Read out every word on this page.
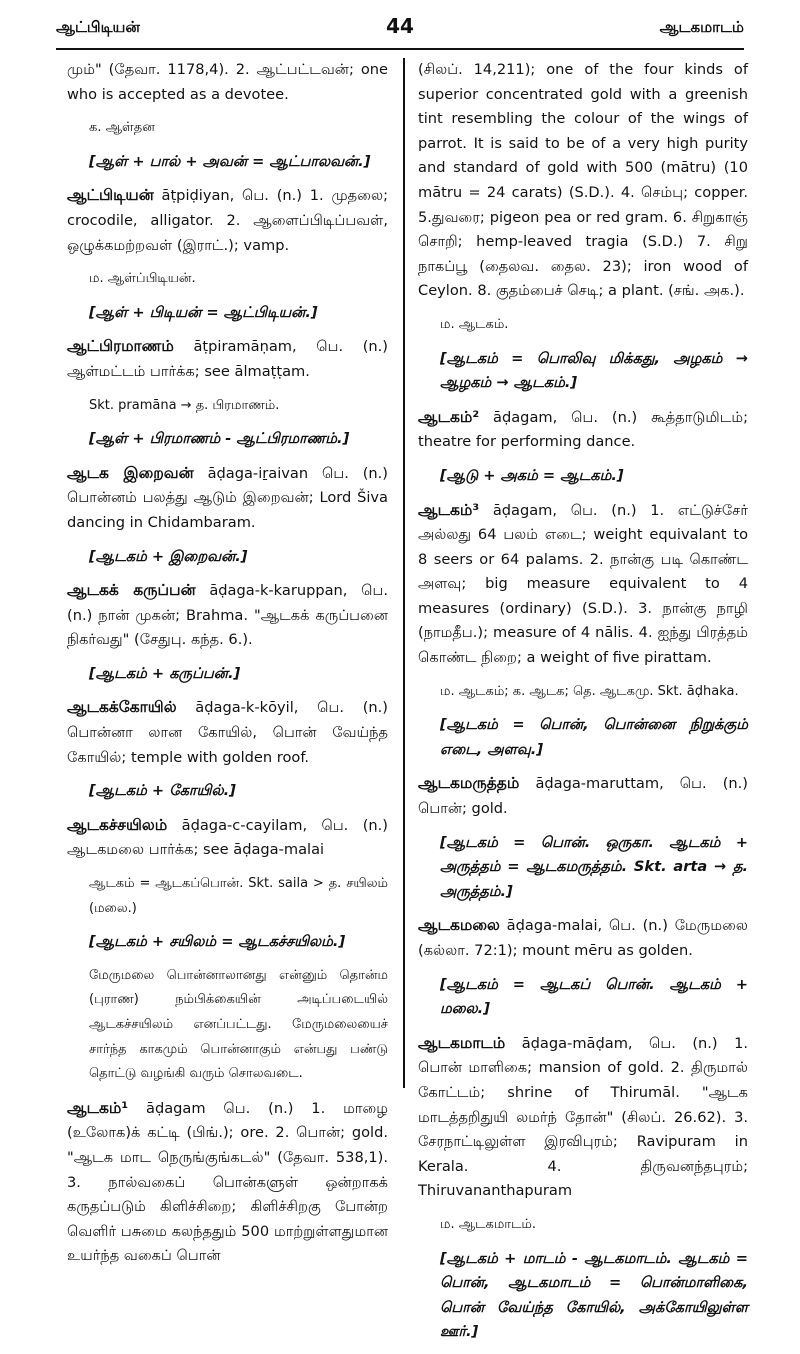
ஆட்பிடியன்	44	ஆடகமாடம்

மும்" (தேவா. 1178,4). 2. ஆட்பட்டவன்; one who is accepted as a devotee.

க. ஆள்தன

[ஆள் + பால் + அவன் = ஆட்பாலவன்.]

ஆட்பிடியன் āṭpiḍiyan, பெ. (n.) 1. முதலை; crocodile, alligator. 2. ஆளைப்பிடிப்பவள், ஒழுக்கமற்றவள் (இராட்.); vamp.

ம. ஆள்ப்பிடியன்.

[ஆள் + பிடியன் = ஆட்பிடியன்.]

ஆட்பிரமாணம் āṭpiramāṇam, பெ. (n.) ஆள்மட்டம் பார்க்க; see ālmaṭṭam.

Skt. pramāna → த. பிரமாணம்.

[ஆள் + பிரமாணம் - ஆட்பிரமாணம்.]

ஆடக இறைவன் āḍaga-iṟaivan பெ. (n.) பொன்னம் பலத்து ஆடும் இறைவன்; Lord Šiva dancing in Chidambaram.

[ஆடகம் + இறைவன்.]

ஆடகக் கருப்பன் āḍaga-k-karuppan, பெ. (n.) நான் முகன்; Brahma. "ஆடகக் கருப்பனை நிகர்வது" (சேதுபு. கந்த. 6.).

[ஆடகம் + கருப்பன்.]

ஆடகக்கோயில் āḍaga-k-kōyil, பெ. (n.) பொன்னா லான கோயில், பொன் வேய்ந்த கோயில்; temple with golden roof.

[ஆடகம் + கோயில்.]

ஆடகச்சயிலம் āḍaga-c-cayilam, பெ. (n.) ஆடகமலை பார்க்க; see āḍaga-malai

ஆடகம் = ஆடகப்பொன். Skt. saila > த. சயிலம் (மலை.)

[ஆடகம் + சயிலம் = ஆடகச்சயிலம்.]

மேருமலை பொன்னாலானது என்னும் தொன்ம (புராண) நம்பிக்கையின் அடிப்படையில் ஆடகச்சயிலம் எனப்பட்டது. மேருமலையைச் சார்ந்த காகமும் பொன்னாகும் என்பது பண்டு தொட்டு வழங்கி வரும் சொலவடை.

ஆடகம்¹ āḍagam பெ. (n.) 1. மாழை (உலோக)க் கட்டி (பிங்.); ore. 2. பொன்; gold. "ஆடக மாட நெருங்குங்கடல்" (தேவா. 538,1). 3. நால்வகைப் பொன்களுள் ஒன்றாகக் கருதப்படும் கிளிச்சிறை; கிளிச்சிறகு போன்ற வெளிர் பசுமை கலந்ததும் 500 மாற்றுள்ளதுமான உயர்ந்த வகைப் பொன்

(சிலப். 14,211); one of the four kinds of superior concentrated gold with a greenish tint resembling the colour of the wings of parrot. It is said to be of a very high purity and standard of gold with 500 (mātru) (10 mātru = 24 carats) (S.D.). 4. செம்பு; copper. 5.துவரை; pigeon pea or red gram. 6. சிறுகாஞ் சொறி; hemp-leaved tragia (S.D.) 7. சிறு நாகப்பூ (தைலவ. தைல. 23); iron wood of Ceylon. 8. குதம்பைச் செடி; a plant. (சங். அக.).

ம. ஆடகம்.

[ஆடகம் = பொலிவு மிக்கது, அழகம் → ஆழகம் → ஆடகம்.]

ஆடகம்² āḍagam, பெ. (n.) கூத்தாடுமிடம்; theatre for performing dance.

[ஆடு + அகம் = ஆடகம்.]

ஆடகம்³ āḍagam, பெ. (n.) 1. எட்டுச்சேர் அல்லது 64 பலம் எடை; weight equivalant to 8 seers or 64 palams. 2. நான்கு படி கொண்ட அளவு; big measure equivalent to 4 measures (ordinary) (S.D.). 3. நான்கு நாழி (நாமதீப.); measure of 4 nālis. 4. ஐந்து பிரத்தம் கொண்ட நிறை; a weight of five pirattam.

ம. ஆடகம்; க. ஆடக; தெ. ஆடகமு. Skt. āḍhaka.

[ஆடகம் = பொன், பொன்னை நிறுக்கும் எடை, அளவு.]

ஆடகமருத்தம் āḍaga-maruttam, பெ. (n.) பொன்; gold.

[ஆடகம் = பொன். ஒருகா. ஆடகம் + அருத்தம் = ஆடகமருத்தம். Skt. arta → த. அருத்தம்.]

ஆடகமலை āḍaga-malai, பெ. (n.) மேருமலை (கல்லா. 72:1); mount mēru as golden.

[ஆடகம் = ஆடகப் பொன். ஆடகம் + மலை.]

ஆடகமாடம் āḍaga-māḍam, பெ. (n.) 1. பொன் மாளிகை; mansion of gold. 2. திருமால் கோட்டம்; shrine of Thirumāl. "ஆடக மாடத்தறிதுயி லமர்ந் தோன்" (சிலப். 26.62). 3. சேரநாட்டிலுள்ள இரவிபுரம்; Ravipuram in Kerala. 4. திருவனந்தபுரம்; Thiruvananthapuram

ம. ஆடகமாடம்.

[ஆடகம் + மாடம் - ஆடகமாடம். ஆடகம் = பொன், ஆடகமாடம் = பொன்மாளிகை, பொன் வேய்ந்த கோயில், அக்கோயிலுள்ள ஊர்.]
